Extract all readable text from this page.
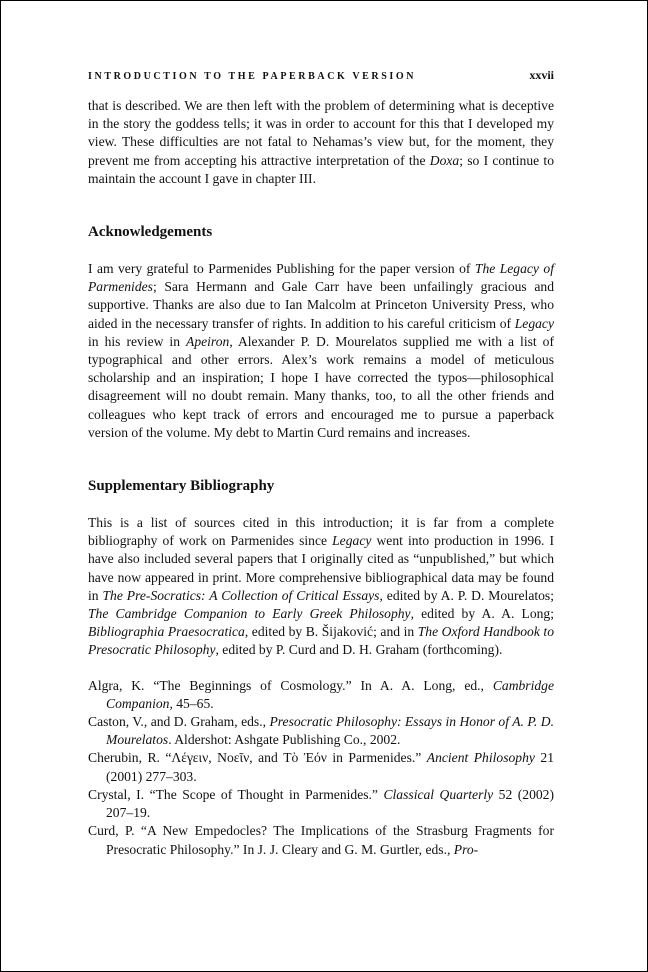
INTRODUCTION TO THE PAPERBACK VERSION	xxvii

that is described. We are then left with the problem of determining what is deceptive in the story the goddess tells; it was in order to account for this that I developed my view. These difficulties are not fatal to Nehamas’s view but, for the moment, they prevent me from accepting his attractive interpretation of the Doxa; so I continue to maintain the account I gave in chapter III.

Acknowledgements

I am very grateful to Parmenides Publishing for the paper version of The Legacy of Parmenides; Sara Hermann and Gale Carr have been unfailingly gracious and supportive. Thanks are also due to Ian Malcolm at Princeton University Press, who aided in the necessary transfer of rights. In addition to his careful criticism of Legacy in his review in Apeiron, Alexander P. D. Mourelatos supplied me with a list of typographical and other errors. Alex’s work remains a model of meticulous scholarship and an inspiration; I hope I have corrected the typos—philosophical disagreement will no doubt remain. Many thanks, too, to all the other friends and colleagues who kept track of errors and encouraged me to pursue a paperback version of the volume. My debt to Martin Curd remains and increases.

Supplementary Bibliography

This is a list of sources cited in this introduction; it is far from a complete bibliography of work on Parmenides since Legacy went into production in 1996. I have also included several papers that I originally cited as “unpublished,” but which have now appeared in print. More comprehensive bibliographical data may be found in The Pre-Socratics: A Collection of Critical Essays, edited by A. P. D. Mourelatos; The Cambridge Companion to Early Greek Philosophy, edited by A. A. Long; Bibliographia Praesocratica, edited by B. Šijaković; and in The Oxford Handbook to Presocratic Philosophy, edited by P. Curd and D. H. Graham (forthcoming).

Algra, K. “The Beginnings of Cosmology.” In A. A. Long, ed., Cambridge Companion, 45–65.

Caston, V., and D. Graham, eds., Presocratic Philosophy: Essays in Honor of A. P. D. Mourelatos. Aldershot: Ashgate Publishing Co., 2002.

Cherubin, R. “Λέγειν, Νοεῖν, and Τὸ Ἐόν in Parmenides.” Ancient Philosophy 21 (2001) 277–303.

Crystal, I. “The Scope of Thought in Parmenides.” Classical Quarterly 52 (2002) 207–19.

Curd, P. “A New Empedocles? The Implications of the Strasburg Fragments for Presocratic Philosophy.” In J. J. Cleary and G. M. Gurtler, eds., Pro-
